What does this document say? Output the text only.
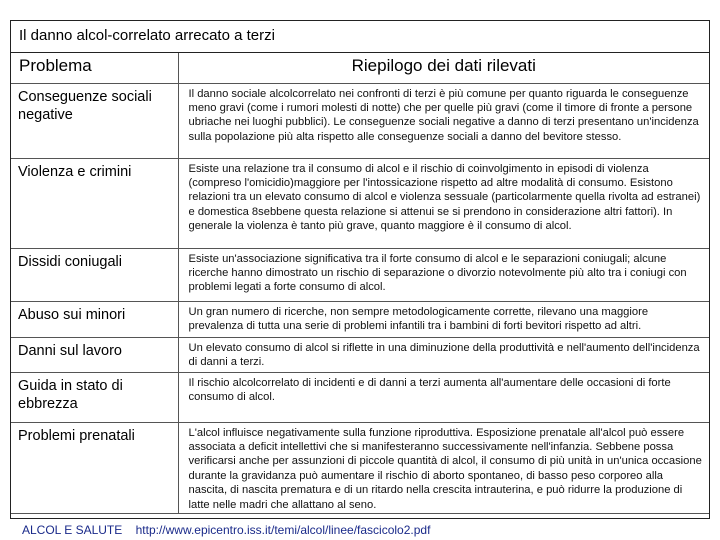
Il danno alcol-correlato arrecato a terzi
Problema	Riepilogo dei dati rilevati
Conseguenze sociali negative	Il danno sociale alcolcorrelato nei confronti di terzi è più comune per quanto riguarda le conseguenze meno gravi (come i rumori molesti di notte) che per quelle più gravi (come il timore di fronte a persone ubriache nei luoghi pubblici). Le conseguenze sociali negative a danno di terzi presentano un'incidenza sulla popolazione più alta rispetto alle conseguenze sociali a danno del bevitore stesso.
Violenza e crimini	Esiste una relazione tra il consumo di alcol e il rischio di coinvolgimento in episodi di violenza (compreso l'omicidio)maggiore per l'intossicazione rispetto ad altre modalità di consumo. Esistono relazioni tra un elevato consumo di alcol e violenza sessuale (particolarmente quella rivolta ad estranei) e domestica 8sebbene questa relazione si attenui se si prendono in considerazione altri fattori). In generale la violenza è tanto più grave, quanto maggiore è il consumo di alcol.
Dissidi coniugali	Esiste un'associazione significativa tra il forte consumo di alcol e le separazioni coniugali; alcune ricerche hanno dimostrato un rischio di separazione o divorzio notevolmente più alto tra i coniugi con problemi legati a forte consumo di alcol.
Abuso sui minori	Un gran numero di ricerche, non sempre metodologicamente corrette, rilevano una maggiore prevalenza di tutta una serie di problemi infantili tra i bambini di forti bevitori rispetto ad altri.
Danni sul lavoro	Un elevato consumo di alcol si riflette in una diminuzione della produttività e nell'aumento dell'incidenza di danni a terzi.
Guida in stato di ebbrezza	Il rischio alcolcorrelato di incidenti e di danni a terzi aumenta all'aumentare delle occasioni di forte consumo di alcol.
Problemi prenatali	L'alcol influisce negativamente sulla funzione riproduttiva. Esposizione prenatale all'alcol può essere associata a deficit intellettivi che si manifesteranno successivamente nell'infanzia. Sebbene possa verificarsi anche per assunzioni di piccole quantità di alcol, il consumo di più unità in un'unica occasione durante la gravidanza può aumentare il rischio di aborto spontaneo, di basso peso corporeo alla nascita, di nascita prematura e di un ritardo nella crescita intrauterina, e può ridurre la produzione di latte nelle madri che allattano al seno.
ALCOL E SALUTE http://www.epicentro.iss.it/temi/alcol/linee/fascicolo2.pdf
